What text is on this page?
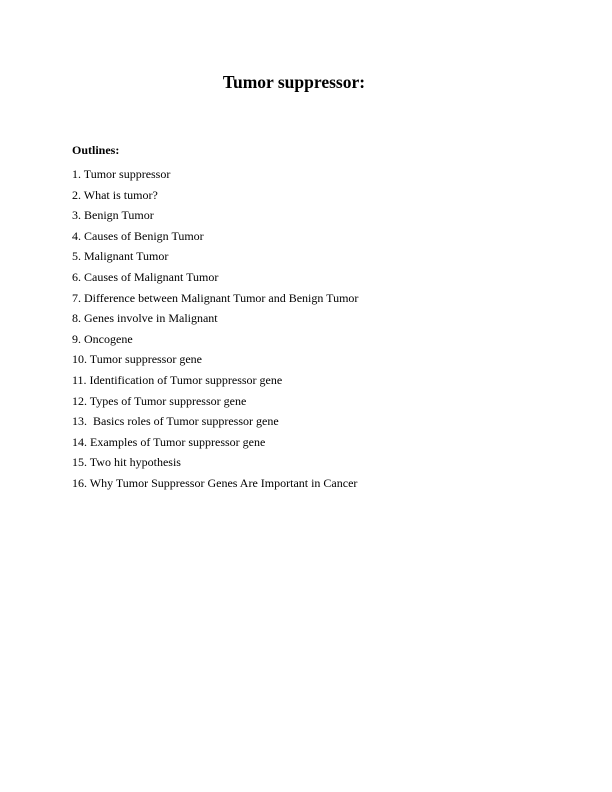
Tumor suppressor:

Outlines:

1. Tumor suppressor
2. What is tumor?
3. Benign Tumor
4. Causes of Benign Tumor
5. Malignant Tumor
6. Causes of Malignant Tumor
7. Difference between Malignant Tumor and Benign Tumor
8. Genes involve in Malignant
9. Oncogene
10. Tumor suppressor gene
11. Identification of Tumor suppressor gene
12. Types of Tumor suppressor gene
13.  Basics roles of Tumor suppressor gene
14. Examples of Tumor suppressor gene
15. Two hit hypothesis
16. Why Tumor Suppressor Genes Are Important in Cancer
